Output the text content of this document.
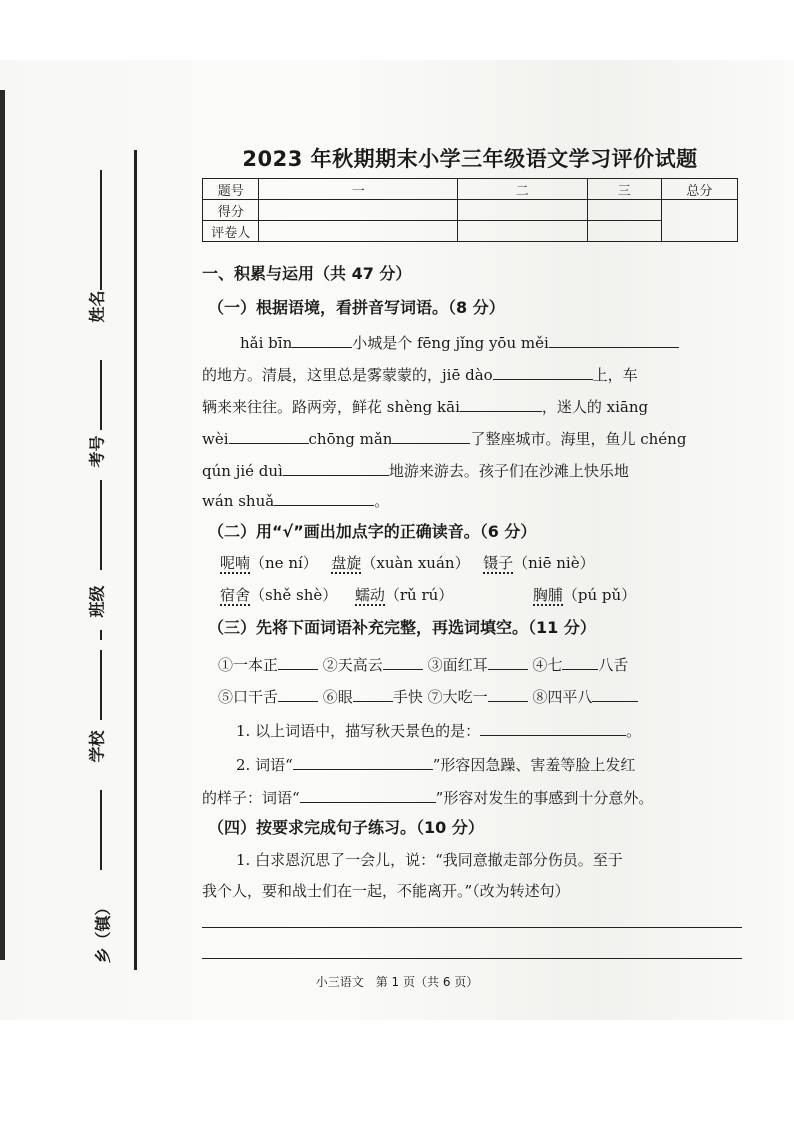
姓名
考号
班级
学校
乡（镇）
2023 年秋期期末小学三年级语文学习评价试题
题号	一	二	三	总分
得分				
评卷人				
一、积累与运用（共 47 分）
（一）根据语境，看拼音写词语。（8 分）
hǎi bīn	小城是个 fēng jǐng yōu měi
的地方。清晨，这里总是雾蒙蒙的，jiē dào	上，车
辆来来往往。路两旁，鲜花 shèng kāi	，迷人的 xiāng
wèi	chōng mǎn	了整座城市。海里，鱼儿 chéng
qún jié duì	地游来游去。孩子们在沙滩上快乐地
wán shuǎ	。
（二）用“√”画出加点字的正确读音。（6 分）
呢喃（ne ní） 盘旋（xuàn xuán） 镊子（niē niè）
宿舍（shě shè） 蠕动（rǔ rú）	胸脯（pú pǔ）
（三）先将下面词语补充完整，再选词填空。（11 分）
①一本正	②天高云	③面红耳	④七 八舌
⑤口干舌	⑥眼	手快 ⑦大吃一	⑧四平八
1. 以上词语中，描写秋天景色的是：	。
2. 词语“	”形容因急躁、害羞等脸上发红
的样子：词语“	”形容对发生的事感到十分意外。
（四）按要求完成句子练习。（10 分）
1. 白求恩沉思了一会儿，说：“我同意撤走部分伤员。至于
我个人，要和战士们在一起，不能离开。”（改为转述句）
小三语文　第 1 页（共 6 页）
